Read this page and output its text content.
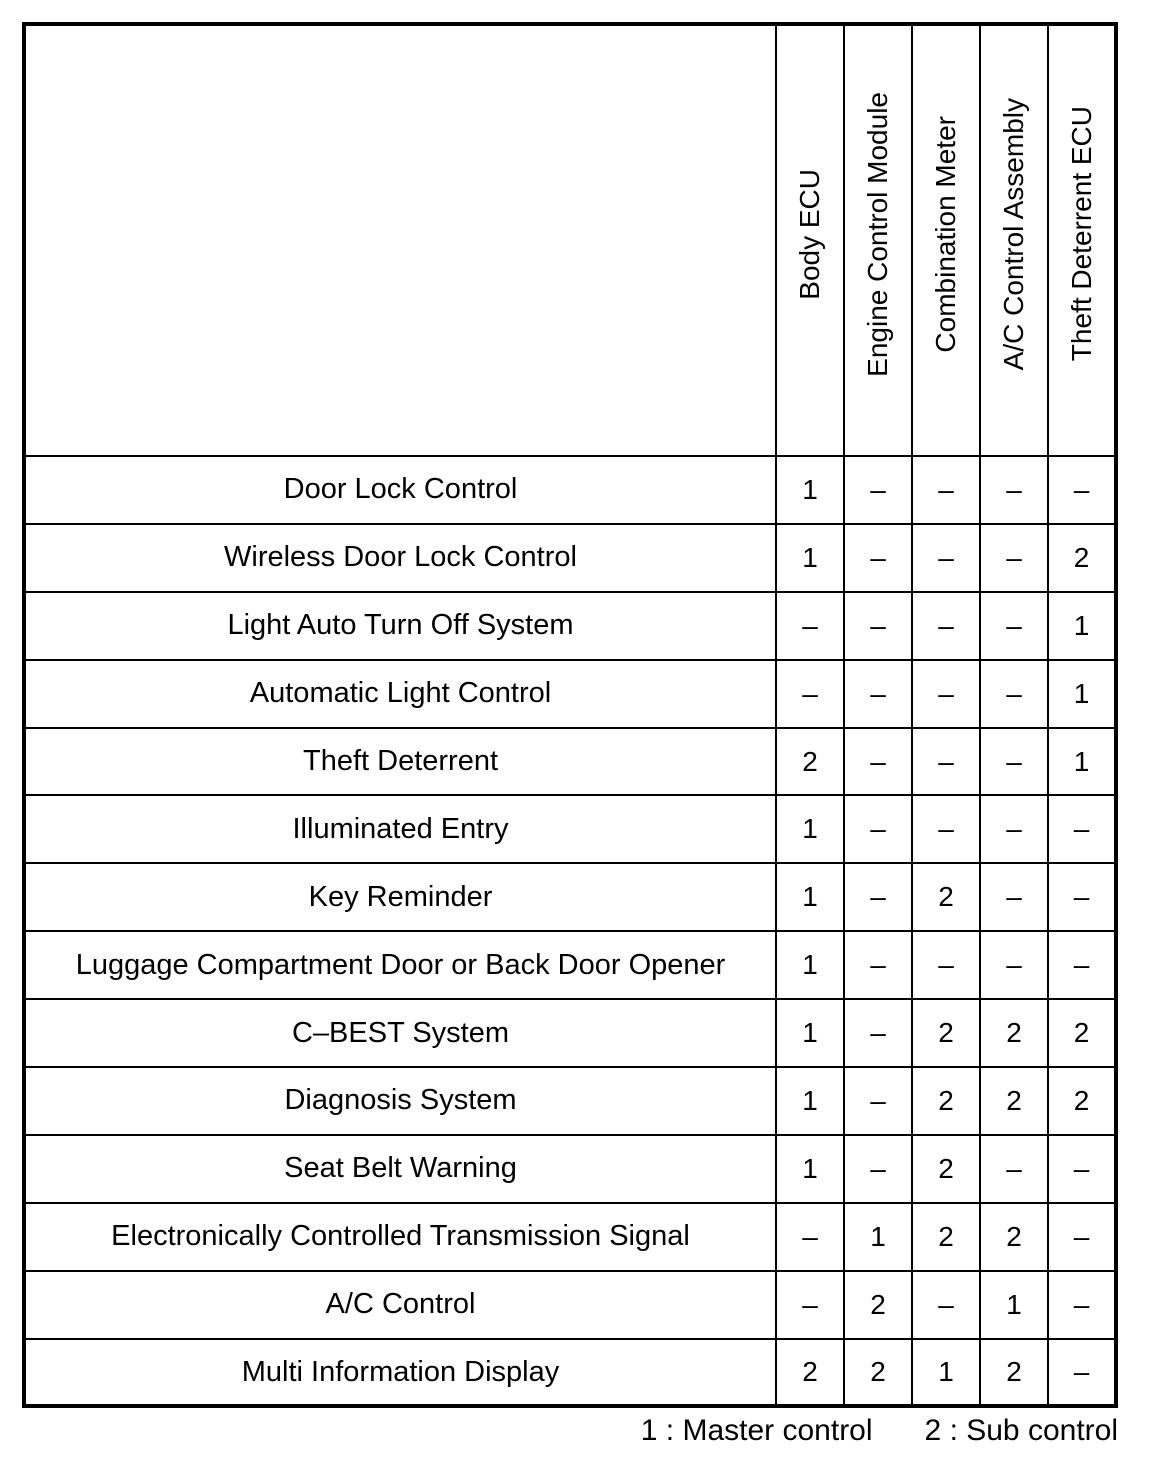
	Body ECU	Engine Control Module	Combination Meter	A/C Control Assembly	Theft Deterrent ECU
Door Lock Control	1	–	–	–	–
Wireless Door Lock Control	1	–	–	–	2
Light Auto Turn Off System	–	–	–	–	1
Automatic Light Control	–	–	–	–	1
Theft Deterrent	2	–	–	–	1
Illuminated Entry	1	–	–	–	–
Key Reminder	1	–	2	–	–
Luggage Compartment Door or Back Door Opener	1	–	–	–	–
C–BEST System	1	–	2	2	2
Diagnosis System	1	–	2	2	2
Seat Belt Warning	1	–	2	–	–
Electronically Controlled Transmission Signal	–	1	2	2	–
A/C Control	–	2	–	1	–
Multi Information Display	2	2	1	2	–
1 : Master control 2 : Sub control
